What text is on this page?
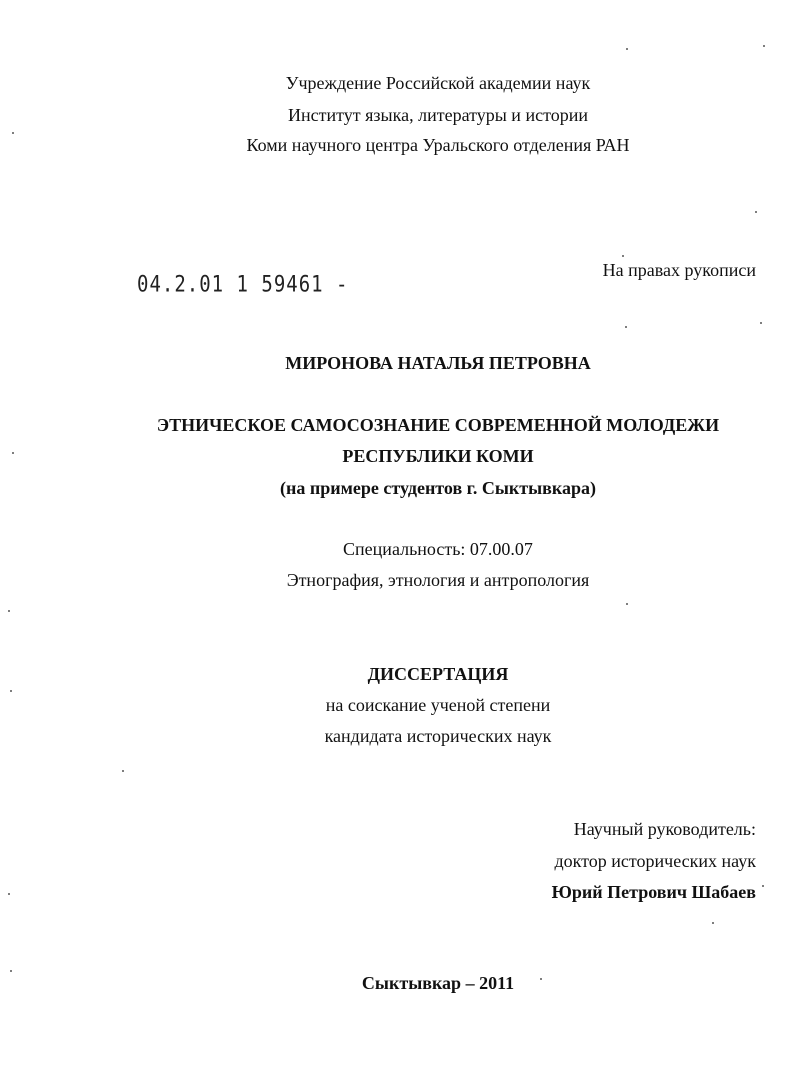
Учреждение Российской академии наук
Институт языка, литературы и истории
Коми научного центра Уральского отделения РАН
04.2.01 1 59461 -
На правах рукописи
МИРОНОВА НАТАЛЬЯ ПЕТРОВНА
ЭТНИЧЕСКОЕ САМОСОЗНАНИЕ СОВРЕМЕННОЙ МОЛОДЕЖИ
РЕСПУБЛИКИ КОМИ
(на примере студентов г. Сыктывкара)
Специальность: 07.00.07
Этнография, этнология и антропология
ДИССЕРТАЦИЯ
на соискание ученой степени
кандидата исторических наук
Научный руководитель:
доктор исторических наук
Юрий Петрович Шабаев
Сыктывкар – 2011
